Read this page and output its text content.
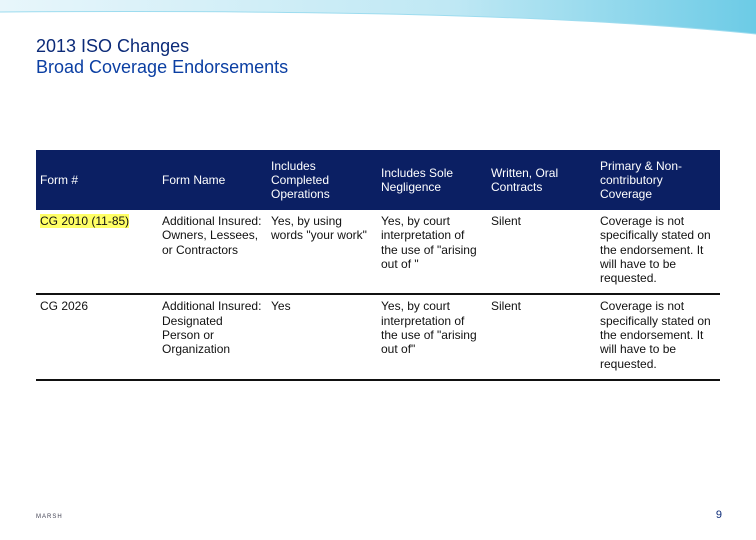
2013 ISO Changes
Broad Coverage Endorsements
Form #	Form Name	Includes Completed Operations	Includes Sole Negligence	Written, Oral Contracts	Primary & Non-contributory Coverage
CG 2010 (11-85)	Additional Insured: Owners, Lessees, or Contractors	Yes, by using words "your work"	Yes, by court interpretation of the use of "arising out of "	Silent	Coverage is not specifically stated on the endorsement. It will have to be requested.
CG 2026	Additional Insured: Designated Person or Organization	Yes	Yes, by court interpretation of the use of "arising out of"	Silent	Coverage is not specifically stated on the endorsement. It will have to be requested.
MARSH	9
